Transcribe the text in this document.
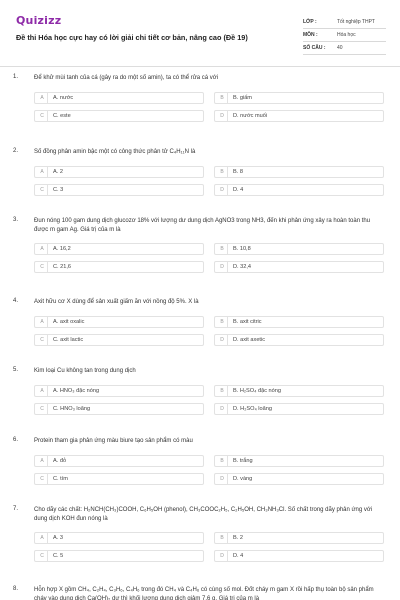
Quizizz
Đề thi Hóa học cực hay có lời giải chi tiết cơ bản, nâng cao (Đề 19)
LỚP :	Tốt nghiệp THPT
MÔN :	Hóa học
SỐ CÂU :	40
1.	Để khử mùi tanh của cá (gây ra do một số amin), ta có thể rửa cá với
A	A. nước	B	B. giấm
C	C. este	D	D. nước muối
2.	Số đồng phân amin bậc một có công thức phân tử C₄H₁₁N là
A	A. 2	B	B. 8
C	C. 3	D	D. 4
3.	Đun nóng 100 gam dung dịch glucozơ 18% với lượng dư dung dịch AgNO3 trong NH3, đến khi phản ứng xảy ra hoàn toàn thu được m gam Ag. Giá trị của m là
A	A. 16,2	B	B. 10,8
C	C. 21,6	D	D. 32,4
4.	Axit hữu cơ X dùng để sản xuất giấm ăn với nồng độ 5%. X là
A	A. axit oxalic	B	B. axit citric
C	C. axit lactic	D	D. axit axetic
5.	Kim loại Cu không tan trong dung dịch
A	A. HNO₃ đặc nóng	B	B. H₂SO₄ đặc nóng
C	C. HNO₃ loãng	D	D. H₂SO₄ loãng
6.	Protein tham gia phản ứng màu biure tạo sản phẩm có màu
A	A. đỏ	B	B. trắng
C	C. tím	D	D. vàng
7.	Cho dãy các chất: H₂NCH(CH₃)COOH, C₆H₅OH (phenol), CH₃COOC₂H₅, C₂H₅OH, CH₃NH₃Cl. Số chất trong dãy phản ứng với dung dịch KOH đun nóng là
A	A. 3	B	B. 2
C	C. 5	D	D. 4
8.	Hỗn hợp X gồm CH₄, C₂H₄, C₃H₆, C₄H₆ trong đó CH₄ và C₄H₆ có cùng số mol. Đốt cháy m gam X rồi hấp thụ toàn bộ sản phẩm cháy vào dung dịch Ca(OH)₂ dư thì khối lượng dung dịch giảm 7,6 g. Giá trị của m là
